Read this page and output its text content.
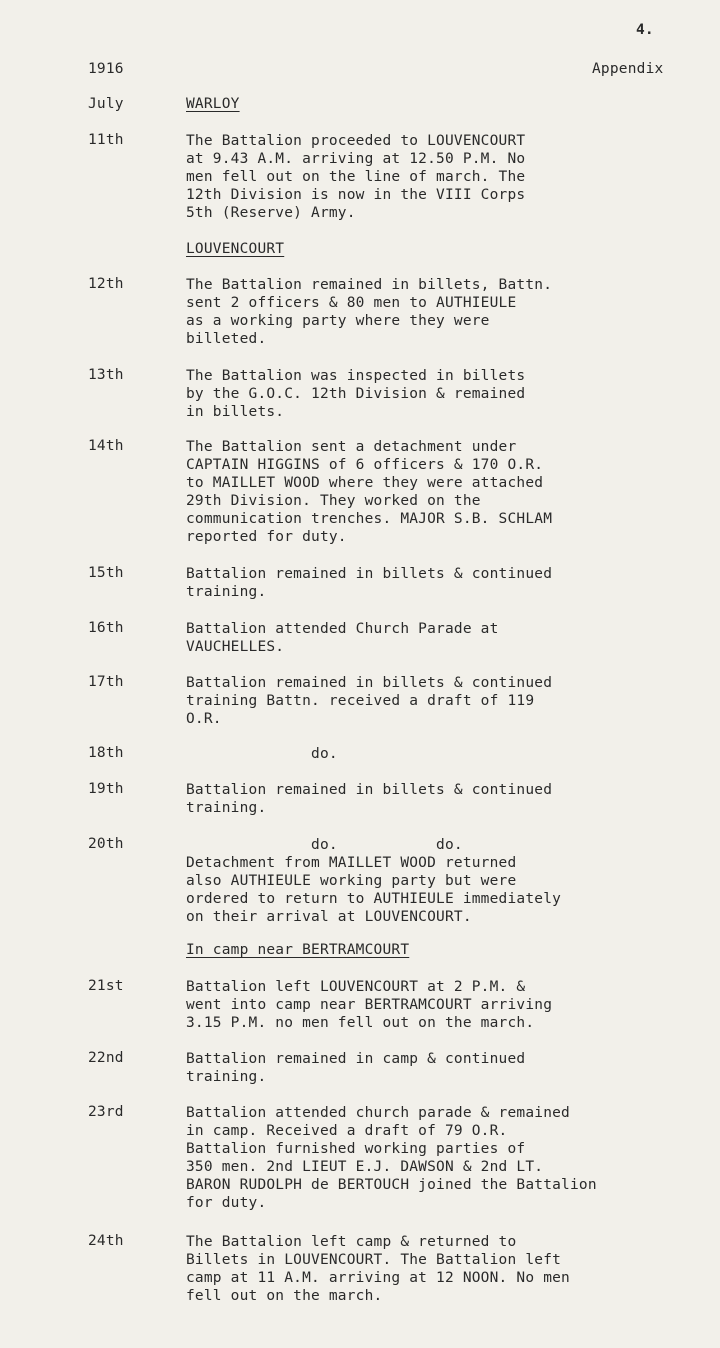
4.
1916	Appendix
July	WARLOY
LOUVENCOURT
In camp near BERTRAMCOURT
11th	The Battalion proceeded to LOUVENCOURT
at 9.43 A.M. arriving at 12.50 P.M. No
men fell out on the line of march. The
12th Division is now in the VIII Corps
5th (Reserve) Army.
12th	The Battalion remained in billets, Battn.
sent 2 officers & 80 men to AUTHIEULE
as a working party where they were
billeted.
13th	The Battalion was inspected in billets
by the G.O.C. 12th Division & remained
in billets.
14th	The Battalion sent a detachment under
CAPTAIN HIGGINS of 6 officers & 170 O.R.
to MAILLET WOOD where they were attached
29th Division. They worked on the
communication trenches. MAJOR S.B. SCHLAM
reported for duty.
15th	Battalion remained in billets & continued
training.
16th	Battalion attended Church Parade at
VAUCHELLES.
17th	Battalion remained in billets & continued
training Battn. received a draft of 119
O.R.
18th	do.
19th	Battalion remained in billets & continued
training.
20th	do.           do.
Detachment from MAILLET WOOD returned
also AUTHIEULE working party but were
ordered to return to AUTHIEULE immediately
on their arrival at LOUVENCOURT.
21st	Battalion left LOUVENCOURT at 2 P.M. &
went into camp near BERTRAMCOURT arriving
3.15 P.M. no men fell out on the march.
22nd	Battalion remained in camp & continued
training.
23rd	Battalion attended church parade & remained
in camp. Received a draft of 79 O.R.
Battalion furnished working parties of
350 men. 2nd LIEUT E.J. DAWSON & 2nd LT.
BARON RUDOLPH de BERTOUCH joined the Battalion
for duty.
24th	The Battalion left camp & returned to
Billets in LOUVENCOURT. The Battalion left
camp at 11 A.M. arriving at 12 NOON. No men
fell out on the march.
